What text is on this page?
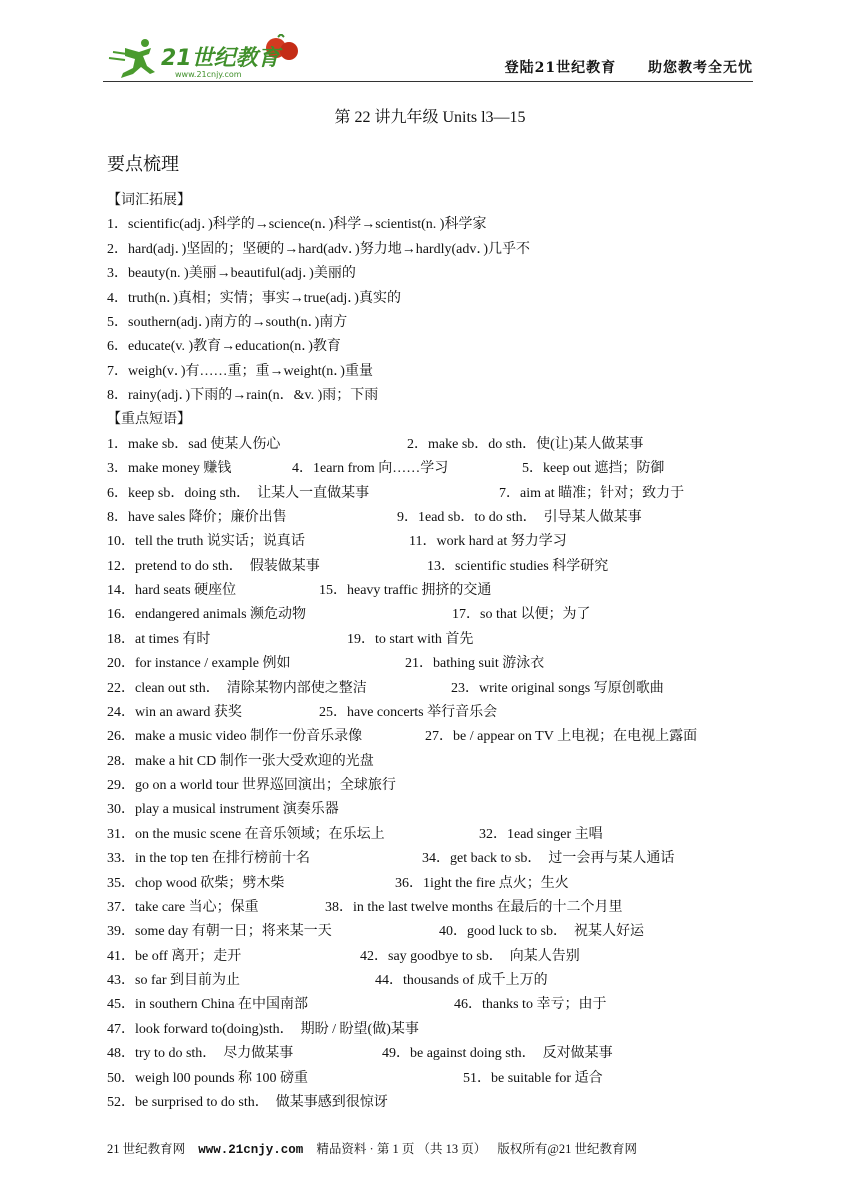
21世纪教育
www.21cnjy.com	登陆21世纪教育 助您教考全无忧
第 22 讲九年级 Units l3—15
要点梳理
【词汇拓展】
1．scientific(adj．)科学的→science(n．)科学→scientist(n. )科学家
2．hard(adj．)坚固的；坚硬的→hard(adv．)努力地→hardly(adv．)几乎不
3．beauty(n. )美丽→beautiful(adj．)美丽的
4．truth(n．)真相；实情；事实→true(adj．)真实的
5．southern(adj．)南方的→south(n．)南方
6．educate(v. )教育→education(n．)教育
7．weigh(v．)有……重；重→weight(n．)重量
8．rainy(adj．)下雨的→rain(n．&v. )雨；下雨
【重点短语】
1．make sb．sad 使某人伤心	2．make sb．do sth．使(让)某人做某事
3．make money 赚钱	4．1earn from 向……学习	5．keep out 遮挡；防御
6．keep sb．doing sth．　让某人一直做某事	7．aim at 瞄准；针对；致力于
8．have sales 降价；廉价出售	9．1ead sb．to do sth．　引导某人做某事
10．tell the truth 说实话；说真话	11．work hard at 努力学习
12．pretend to do sth．　假装做某事	13．scientific studies 科学研究
14．hard seats 硬座位	15．heavy traffic 拥挤的交通
16．endangered animals 濒危动物	17．so that 以便；为了
18．at times 有时	19．to start with 首先
20．for instance / example 例如	21．bathing suit 游泳衣
22．clean out sth．　清除某物内部使之整洁	23．write original songs 写原创歌曲
24．win an award 获奖	25．have concerts 举行音乐会
26．make a music video 制作一份音乐录像	27．be / appear on TV 上电视；在电视上露面
28．make a hit CD 制作一张大受欢迎的光盘
29．go on a world tour 世界巡回演出；全球旅行
30．play a musical instrument 演奏乐器
31．on the music scene 在音乐领域；在乐坛上	32．1ead singer 主唱
33．in the top ten 在排行榜前十名	34．get back to sb．　过一会再与某人通话
35．chop wood 砍柴；劈木柴	36．1ight the fire 点火；生火
37．take care 当心；保重	38．in the last twelve months 在最后的十二个月里
39．some day 有朝一日；将来某一天	40．good luck to sb．　祝某人好运
41．be off 离开；走开	42．say goodbye to sb．　向某人告别
43．so far 到目前为止	44．thousands of 成千上万的
45．in southern China 在中国南部	46．thanks to 幸亏；由于
47．look forward to(doing)sth．　期盼 / 盼望(做)某事
48．try to do sth．　尽力做某事	49．be against doing sth．　反对做某事
50．weigh l00 pounds 称 100 磅重	51．be suitable for 适合
52．be surprised to do sth．　做某事感到很惊讶
21 世纪教育网 www.21cnjy.com 精品资料 · 第 1 页 （共 13 页） 版权所有@21 世纪教育网
